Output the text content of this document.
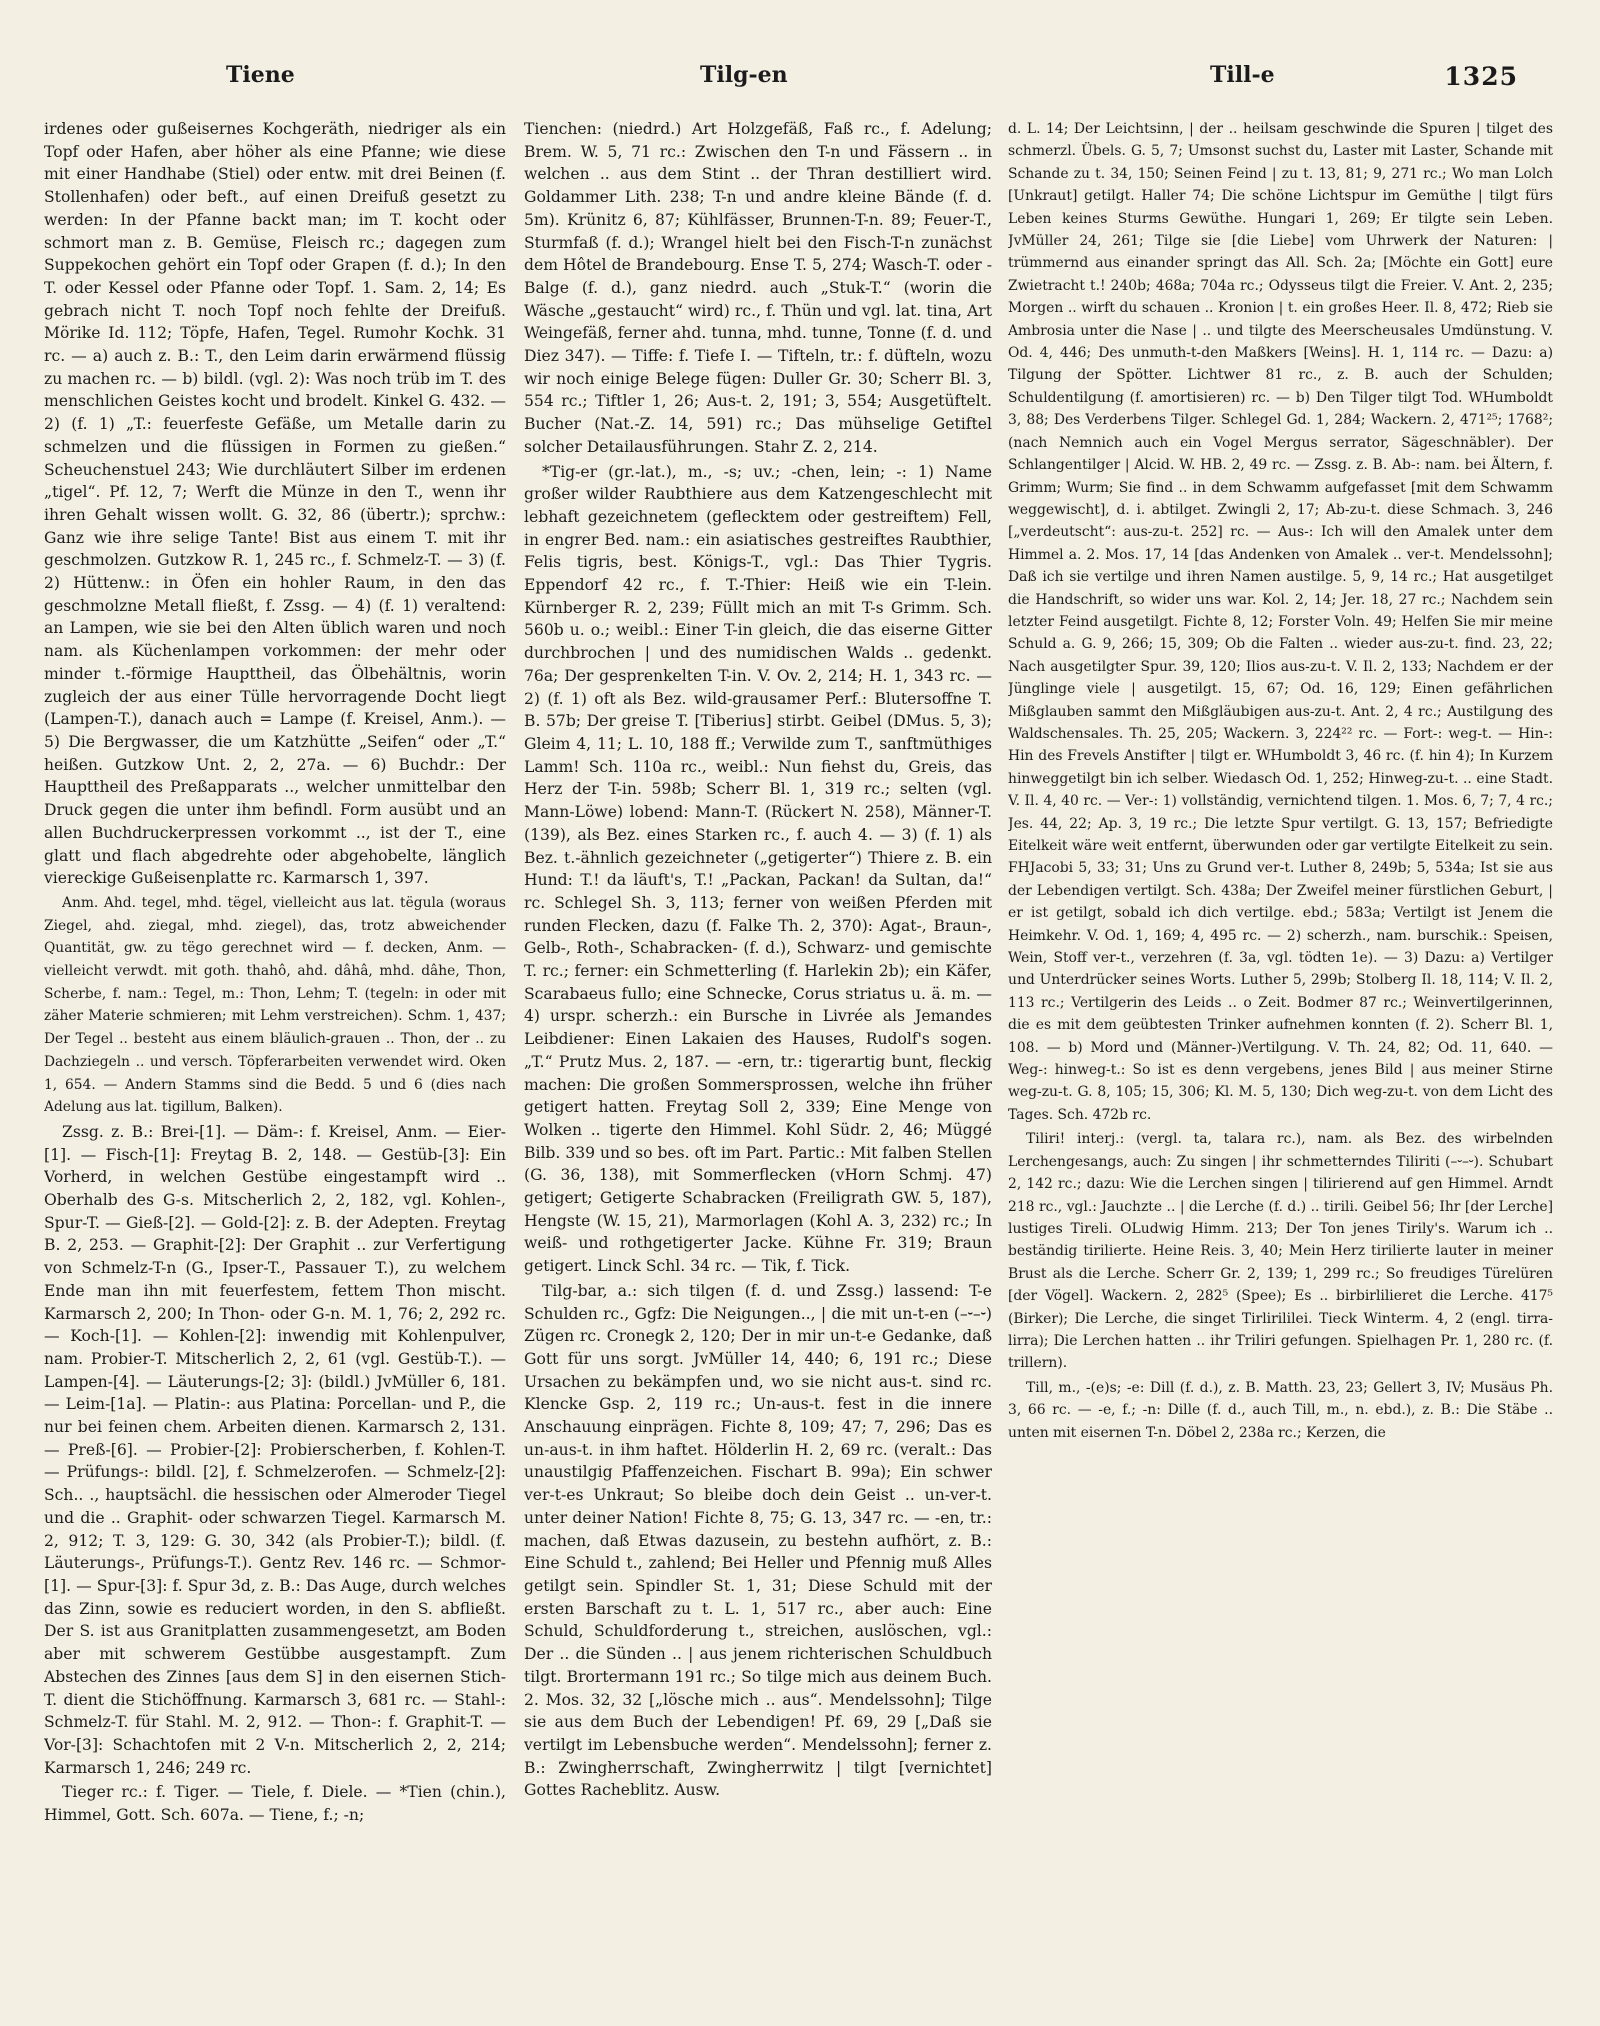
Tiene	Tilg-en	Till-e	1325

irdenes oder gußeisernes Kochgeräth, niedriger als ein Topf oder Hafen, aber höher als eine Pfanne; wie diese mit einer Handhabe (Stiel) oder entw. mit drei Beinen (f. Stollenhafen) oder beft., auf einen Dreifuß gesetzt zu werden: In der Pfanne backt man; im T. kocht oder schmort man z. B. Gemüse, Fleisch rc.; dagegen zum Suppekochen gehört ein Topf oder Grapen (f. d.); In den T. oder Kessel oder Pfanne oder Topf. 1. Sam. 2, 14; Es gebrach nicht T. noch Topf noch fehlte der Dreifuß. Mörike Id. 112; Töpfe, Hafen, Tegel. Rumohr Kochk. 31 rc. — a) auch z. B.: T., den Leim darin erwärmend flüssig zu machen rc. — b) bildl. (vgl. 2): Was noch trüb im T. des menschlichen Geistes kocht und brodelt. Kinkel G. 432. — 2) (f. 1) „T.: feuerfeste Gefäße, um Metalle darin zu schmelzen und die flüssigen in Formen zu gießen.“ Scheuchenstuel 243; Wie durchläutert Silber im erdenen „tigel“. Pf. 12, 7; Werft die Münze in den T., wenn ihr ihren Gehalt wissen wollt. G. 32, 86 (übertr.); sprchw.: Ganz wie ihre selige Tante! Bist aus einem T. mit ihr geschmolzen. Gutzkow R. 1, 245 rc., f. Schmelz-T. — 3) (f. 2) Hüttenw.: in Öfen ein hohler Raum, in den das geschmolzne Metall fließt, f. Zssg. — 4) (f. 1) veraltend: an Lampen, wie sie bei den Alten üblich waren und noch nam. als Küchenlampen vorkommen: der mehr oder minder t.-förmige Haupttheil, das Ölbehältnis, worin zugleich der aus einer Tülle hervorragende Docht liegt (Lampen-T.), danach auch = Lampe (f. Kreisel, Anm.). — 5) Die Bergwasser, die um Katzhütte „Seifen“ oder „T.“ heißen. Gutzkow Unt. 2, 2, 27a. — 6) Buchdr.: Der Haupttheil des Preßapparats .., welcher unmittelbar den Druck gegen die unter ihm befindl. Form ausübt und an allen Buchdruckerpressen vorkommt .., ist der T., eine glatt und flach abgedrehte oder abgehobelte, länglich viereckige Gußeisenplatte rc. Karmarsch 1, 397.

Anm. Ahd. tegel, mhd. tëgel, vielleicht aus lat. tëgula (woraus Ziegel, ahd. ziegal, mhd. ziegel), das, trotz abweichender Quantität, gw. zu tëgo gerechnet wird — f. decken, Anm. — vielleicht verwdt. mit goth. thahô, ahd. dâhâ, mhd. dâhe, Thon, Scherbe, f. nam.: Tegel, m.: Thon, Lehm; T. (tegeln: in oder mit zäher Materie schmieren; mit Lehm verstreichen). Schm. 1, 437; Der Tegel .. besteht aus einem bläulich-grauen .. Thon, der .. zu Dachziegeln .. und versch. Töpferarbeiten verwendet wird. Oken 1, 654. — Andern Stamms sind die Bedd. 5 und 6 (dies nach Adelung aus lat. tigillum, Balken).

Zssg. z. B.: Brei-[1]. — Däm-: f. Kreisel, Anm. — Eier-[1]. — Fisch-[1]: Freytag B. 2, 148. — Gestüb-[3]: Ein Vorherd, in welchen Gestübe eingestampft wird .. Oberhalb des G-s. Mitscherlich 2, 2, 182, vgl. Kohlen-, Spur-T. — Gieß-[2]. — Gold-[2]: z. B. der Adepten. Freytag B. 2, 253. — Graphit-[2]: Der Graphit .. zur Verfertigung von Schmelz-T-n (G., Ipser-T., Passauer T.), zu welchem Ende man ihn mit feuerfestem, fettem Thon mischt. Karmarsch 2, 200; In Thon- oder G-n. M. 1, 76; 2, 292 rc. — Koch-[1]. — Kohlen-[2]: inwendig mit Kohlenpulver, nam. Probier-T. Mitscherlich 2, 2, 61 (vgl. Gestüb-T.). — Lampen-[4]. — Läuterungs-[2; 3]: (bildl.) JvMüller 6, 181. — Leim-[1a]. — Platin-: aus Platina: Porcellan- und P., die nur bei feinen chem. Arbeiten dienen. Karmarsch 2, 131. — Preß-[6]. — Probier-[2]: Probierscherben, f. Kohlen-T. — Prüfungs-: bildl. [2], f. Schmelzerofen. — Schmelz-[2]: Sch.. ., hauptsächl. die hessischen oder Almeroder Tiegel und die .. Graphit- oder schwarzen Tiegel. Karmarsch M. 2, 912; T. 3, 129: G. 30, 342 (als Probier-T.); bildl. (f. Läuterungs-, Prüfungs-T.). Gentz Rev. 146 rc. — Schmor-[1]. — Spur-[3]: f. Spur 3d, z. B.: Das Auge, durch welches das Zinn, sowie es reduciert worden, in den S. abfließt. Der S. ist aus Granitplatten zusammengesetzt, am Boden aber mit schwerem Gestübbe ausgestampft. Zum Abstechen des Zinnes [aus dem S] in den eisernen Stich-T. dient die Stichöffnung. Karmarsch 3, 681 rc. — Stahl-: Schmelz-T. für Stahl. M. 2, 912. — Thon-: f. Graphit-T. — Vor-[3]: Schachtofen mit 2 V-n. Mitscherlich 2, 2, 214; Karmarsch 1, 246; 249 rc.

Tieger rc.: f. Tiger. — Tiele, f. Diele. — *Tien (chin.), Himmel, Gott. Sch. 607a. — Tiene, f.; -n;

Tienchen: (niedrd.) Art Holzgefäß, Faß rc., f. Adelung; Brem. W. 5, 71 rc.: Zwischen den T-n und Fässern .. in welchen .. aus dem Stint .. der Thran destilliert wird. Goldammer Lith. 238; T-n und andre kleine Bände (f. d. 5m). Krünitz 6, 87; Kühlfässer, Brunnen-T-n. 89; Feuer-T., Sturmfaß (f. d.); Wrangel hielt bei den Fisch-T-n zunächst dem Hôtel de Brandebourg. Ense T. 5, 274; Wasch-T. oder -Balge (f. d.), ganz niedrd. auch „Stuk-T.“ (worin die Wäsche „gestaucht“ wird) rc., f. Thün und vgl. lat. tina, Art Weingefäß, ferner ahd. tunna, mhd. tunne, Tonne (f. d. und Diez 347). — Tiffe: f. Tiefe I. — Tifteln, tr.: f. düfteln, wozu wir noch einige Belege fügen: Duller Gr. 30; Scherr Bl. 3, 554 rc.; Tiftler 1, 26; Aus-t. 2, 191; 3, 554; Ausgetüftelt. Bucher (Nat.-Z. 14, 591) rc.; Das mühselige Getiftel solcher Detailausführungen. Stahr Z. 2, 214.

*Tig-er (gr.-lat.), m., -s; uv.; -chen, lein; -: 1) Name großer wilder Raubthiere aus dem Katzengeschlecht mit lebhaft gezeichnetem (geflecktem oder gestreiftem) Fell, in engrer Bed. nam.: ein asiatisches gestreiftes Raubthier, Felis tigris, best. Königs-T., vgl.: Das Thier Tygris. Eppendorf 42 rc., f. T.-Thier: Heiß wie ein T-lein. Kürnberger R. 2, 239; Füllt mich an mit T-s Grimm. Sch. 560b u. o.; weibl.: Einer T-in gleich, die das eiserne Gitter durchbrochen | und des numidischen Walds .. gedenkt. 76a; Der gesprenkelten T-in. V. Ov. 2, 214; H. 1, 343 rc. — 2) (f. 1) oft als Bez. wild-grausamer Perf.: Blutersoffne T. B. 57b; Der greise T. [Tiberius] stirbt. Geibel (DMus. 5, 3); Gleim 4, 11; L. 10, 188 ff.; Verwilde zum T., sanftmüthiges Lamm! Sch. 110a rc., weibl.: Nun fiehst du, Greis, das Herz der T-in. 598b; Scherr Bl. 1, 319 rc.; selten (vgl. Mann-Löwe) lobend: Mann-T. (Rückert N. 258), Männer-T. (139), als Bez. eines Starken rc., f. auch 4. — 3) (f. 1) als Bez. t.-ähnlich gezeichneter („getigerter“) Thiere z. B. ein Hund: T.! da läuft's, T.! „Packan, Packan! da Sultan, da!“ rc. Schlegel Sh. 3, 113; ferner von weißen Pferden mit runden Flecken, dazu (f. Falke Th. 2, 370): Agat-, Braun-, Gelb-, Roth-, Schabracken- (f. d.), Schwarz- und gemischte T. rc.; ferner: ein Schmetterling (f. Harlekin 2b); ein Käfer, Scarabaeus fullo; eine Schnecke, Corus striatus u. ä. m. — 4) urspr. scherzh.: ein Bursche in Livrée als Jemandes Leibdiener: Einen Lakaien des Hauses, Rudolf's sogen. „T.“ Prutz Mus. 2, 187. — -ern, tr.: tigerartig bunt, fleckig machen: Die großen Sommersprossen, welche ihn früher getigert hatten. Freytag Soll 2, 339; Eine Menge von Wolken .. tigerte den Himmel. Kohl Südr. 2, 46; Müggé Bilb. 339 und so bes. oft im Part. Partic.: Mit falben Stellen (G. 36, 138), mit Sommerflecken (vHorn Schmj. 47) getigert; Getigerte Schabracken (Freiligrath GW. 5, 187), Hengste (W. 15, 21), Marmorlagen (Kohl A. 3, 232) rc.; In weiß- und rothgetigerter Jacke. Kühne Fr. 319; Braun getigert. Linck Schl. 34 rc. — Tik, f. Tick.

Tilg-bar, a.: sich tilgen (f. d. und Zssg.) lassend: T-e Schulden rc., Ggfz: Die Neigungen.., | die mit un-t-en (–⏑–⏑) Zügen rc. Cronegk 2, 120; Der in mir un-t-e Gedanke, daß Gott für uns sorgt. JvMüller 14, 440; 6, 191 rc.; Diese Ursachen zu bekämpfen und, wo sie nicht aus-t. sind rc. Klencke Gsp. 2, 119 rc.; Un-aus-t. fest in die innere Anschauung einprägen. Fichte 8, 109; 47; 7, 296; Das es un-aus-t. in ihm haftet. Hölderlin H. 2, 69 rc. (veralt.: Das unaustilgig Pfaffenzeichen. Fischart B. 99a); Ein schwer ver-t-es Unkraut; So bleibe doch dein Geist .. un-ver-t. unter deiner Nation! Fichte 8, 75; G. 13, 347 rc. — -en, tr.: machen, daß Etwas dazusein, zu bestehn aufhört, z. B.: Eine Schuld t., zahlend; Bei Heller und Pfennig muß Alles getilgt sein. Spindler St. 1, 31; Diese Schuld mit der ersten Barschaft zu t. L. 1, 517 rc., aber auch: Eine Schuld, Schuldforderung t., streichen, auslöschen, vgl.: Der .. die Sünden .. | aus jenem richterischen Schuldbuch tilgt. Brortermann 191 rc.; So tilge mich aus deinem Buch. 2. Mos. 32, 32 [„lösche mich .. aus“. Mendelssohn]; Tilge sie aus dem Buch der Lebendigen! Pf. 69, 29 [„Daß sie vertilgt im Lebensbuche werden“. Mendelssohn]; ferner z. B.: Zwingherrschaft, Zwingherrwitz | tilgt [vernichtet] Gottes Racheblitz. Ausw.

d. L. 14; Der Leichtsinn, | der .. heilsam geschwinde die Spuren | tilget des schmerzl. Übels. G. 5, 7; Umsonst suchst du, Laster mit Laster, Schande mit Schande zu t. 34, 150; Seinen Feind | zu t. 13, 81; 9, 271 rc.; Wo man Lolch [Unkraut] getilgt. Haller 74; Die schöne Lichtspur im Gemüthe | tilgt fürs Leben keines Sturms Gewüthe. Hungari 1, 269; Er tilgte sein Leben. JvMüller 24, 261; Tilge sie [die Liebe] vom Uhrwerk der Naturen: | trümmernd aus einander springt das All. Sch. 2a; [Möchte ein Gott] eure Zwietracht t.! 240b; 468a; 704a rc.; Odysseus tilgt die Freier. V. Ant. 2, 235; Morgen .. wirft du schauen .. Kronion | t. ein großes Heer. Il. 8, 472; Rieb sie Ambrosia unter die Nase | .. und tilgte des Meerscheusales Umdünstung. V. Od. 4, 446; Des unmuth-t-den Maßkers [Weins]. H. 1, 114 rc. — Dazu: a) Tilgung der Spötter. Lichtwer 81 rc., z. B. auch der Schulden; Schuldentilgung (f. amortisieren) rc. — b) Den Tilger tilgt Tod. WHumboldt 3, 88; Des Verderbens Tilger. Schlegel Gd. 1, 284; Wackern. 2, 471²⁵; 1768²; (nach Nemnich auch ein Vogel Mergus serrator, Sägeschnäbler). Der Schlangentilger | Alcid. W. HB. 2, 49 rc. — Zssg. z. B. Ab-: nam. bei Ältern, f. Grimm; Wurm; Sie find .. in dem Schwamm aufgefasset [mit dem Schwamm weggewischt], d. i. abtilget. Zwingli 2, 17; Ab-zu-t. diese Schmach. 3, 246 [„verdeutscht“: aus-zu-t. 252] rc. — Aus-: Ich will den Amalek unter dem Himmel a. 2. Mos. 17, 14 [das Andenken von Amalek .. ver-t. Mendelssohn]; Daß ich sie vertilge und ihren Namen austilge. 5, 9, 14 rc.; Hat ausgetilget die Handschrift, so wider uns war. Kol. 2, 14; Jer. 18, 27 rc.; Nachdem sein letzter Feind ausgetilgt. Fichte 8, 12; Forster Voln. 49; Helfen Sie mir meine Schuld a. G. 9, 266; 15, 309; Ob die Falten .. wieder aus-zu-t. find. 23, 22; Nach ausgetilgter Spur. 39, 120; Ilios aus-zu-t. V. Il. 2, 133; Nachdem er der Jünglinge viele | ausgetilgt. 15, 67; Od. 16, 129; Einen gefährlichen Mißglauben sammt den Mißgläubigen aus-zu-t. Ant. 2, 4 rc.; Austilgung des Waldschensales. Th. 25, 205; Wackern. 3, 224²² rc. — Fort-: weg-t. — Hin-: Hin des Frevels Anstifter | tilgt er. WHumboldt 3, 46 rc. (f. hin 4); In Kurzem hinweggetilgt bin ich selber. Wiedasch Od. 1, 252; Hinweg-zu-t. .. eine Stadt. V. Il. 4, 40 rc. — Ver-: 1) vollständig, vernichtend tilgen. 1. Mos. 6, 7; 7, 4 rc.; Jes. 44, 22; Ap. 3, 19 rc.; Die letzte Spur vertilgt. G. 13, 157; Befriedigte Eitelkeit wäre weit entfernt, überwunden oder gar vertilgte Eitelkeit zu sein. FHJacobi 5, 33; 31; Uns zu Grund ver-t. Luther 8, 249b; 5, 534a; Ist sie aus der Lebendigen vertilgt. Sch. 438a; Der Zweifel meiner fürstlichen Geburt, | er ist getilgt, sobald ich dich vertilge. ebd.; 583a; Vertilgt ist Jenem die Heimkehr. V. Od. 1, 169; 4, 495 rc. — 2) scherzh., nam. burschik.: Speisen, Wein, Stoff ver-t., verzehren (f. 3a, vgl. tödten 1e). — 3) Dazu: a) Vertilger und Unterdrücker seines Worts. Luther 5, 299b; Stolberg Il. 18, 114; V. Il. 2, 113 rc.; Vertilgerin des Leids .. o Zeit. Bodmer 87 rc.; Weinvertilgerinnen, die es mit dem geübtesten Trinker aufnehmen konnten (f. 2). Scherr Bl. 1, 108. — b) Mord und (Männer-)Vertilgung. V. Th. 24, 82; Od. 11, 640. — Weg-: hinweg-t.: So ist es denn vergebens, jenes Bild | aus meiner Stirne weg-zu-t. G. 8, 105; 15, 306; Kl. M. 5, 130; Dich weg-zu-t. von dem Licht des Tages. Sch. 472b rc.

Tiliri! interj.: (vergl. ta, talara rc.), nam. als Bez. des wirbelnden Lerchengesangs, auch: Zu singen | ihr schmetterndes Tiliriti (–⏑–⏑). Schubart 2, 142 rc.; dazu: Wie die Lerchen singen | tilirierend auf gen Himmel. Arndt 218 rc., vgl.: Jauchzte .. | die Lerche (f. d.) .. tirili. Geibel 56; Ihr [der Lerche] lustiges Tireli. OLudwig Himm. 213; Der Ton jenes Tirily's. Warum ich .. beständig tirilierte. Heine Reis. 3, 40; Mein Herz tirilierte lauter in meiner Brust als die Lerche. Scherr Gr. 2, 139; 1, 299 rc.; So freudiges Türelüren [der Vögel]. Wackern. 2, 282⁵ (Spee); Es .. birbirlilieret die Lerche. 417⁵ (Birker); Die Lerche, die singet Tirlirililei. Tieck Winterm. 4, 2 (engl. tirra-lirra); Die Lerchen hatten .. ihr Triliri gefungen. Spielhagen Pr. 1, 280 rc. (f. trillern).

Till, m., -(e)s; -e: Dill (f. d.), z. B. Matth. 23, 23; Gellert 3, IV; Musäus Ph. 3, 66 rc. — -e, f.; -n: Dille (f. d., auch Till, m., n. ebd.), z. B.: Die Stäbe .. unten mit eisernen T-n. Döbel 2, 238a rc.; Kerzen, die
